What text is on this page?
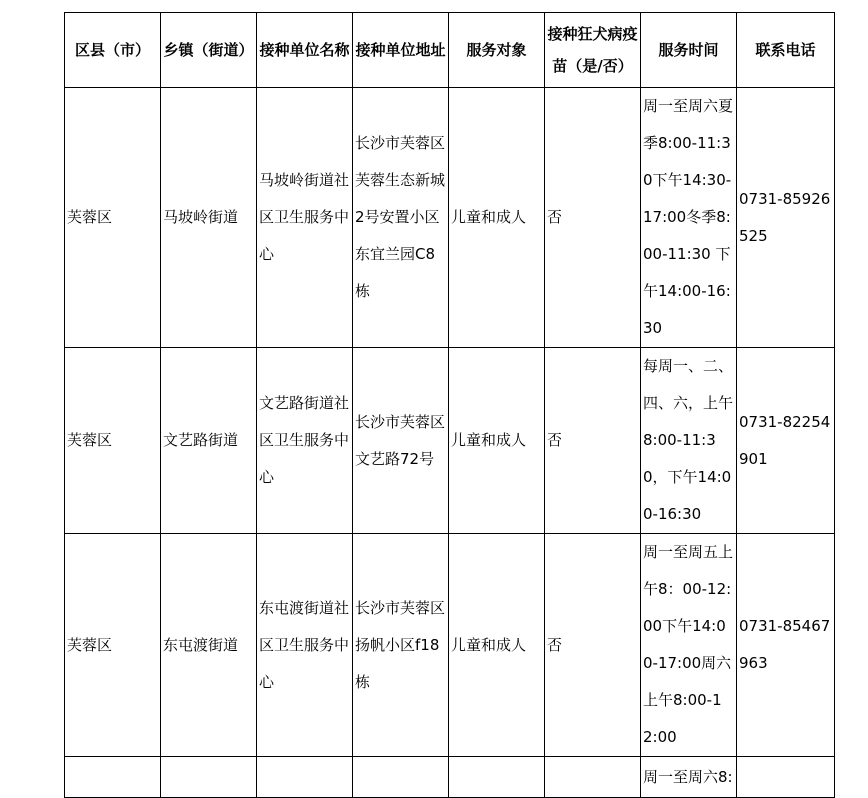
区县（市）	乡镇（街道）	接种单位名称	接种单位地址	服务对象	接种狂犬病疫苗（是/否）	服务时间	联系电话
芙蓉区	马坡岭街道	马坡岭街道社区卫生服务中心	长沙市芙蓉区芙蓉生态新城2号安置小区东宜兰园C8栋	儿童和成人	否	周一至周六夏季8:00-11:30下午14:30-17:00冬季8:00-11:30 下午14:00-16:30	0731-85926525
芙蓉区	文艺路街道	文艺路街道社区卫生服务中心	长沙市芙蓉区文艺路72号	儿童和成人	否	每周一、二、四、六，上午8:00-11:30，下午14:00-16:30	0731-82254901
芙蓉区	东屯渡街道	东屯渡街道社区卫生服务中心	长沙市芙蓉区扬帆小区f18栋	儿童和成人	否	周一至周五上午8：00-12:00下午14:00-17:00周六上午8:00-12:00	0731-85467963
						周一至周六8:	
